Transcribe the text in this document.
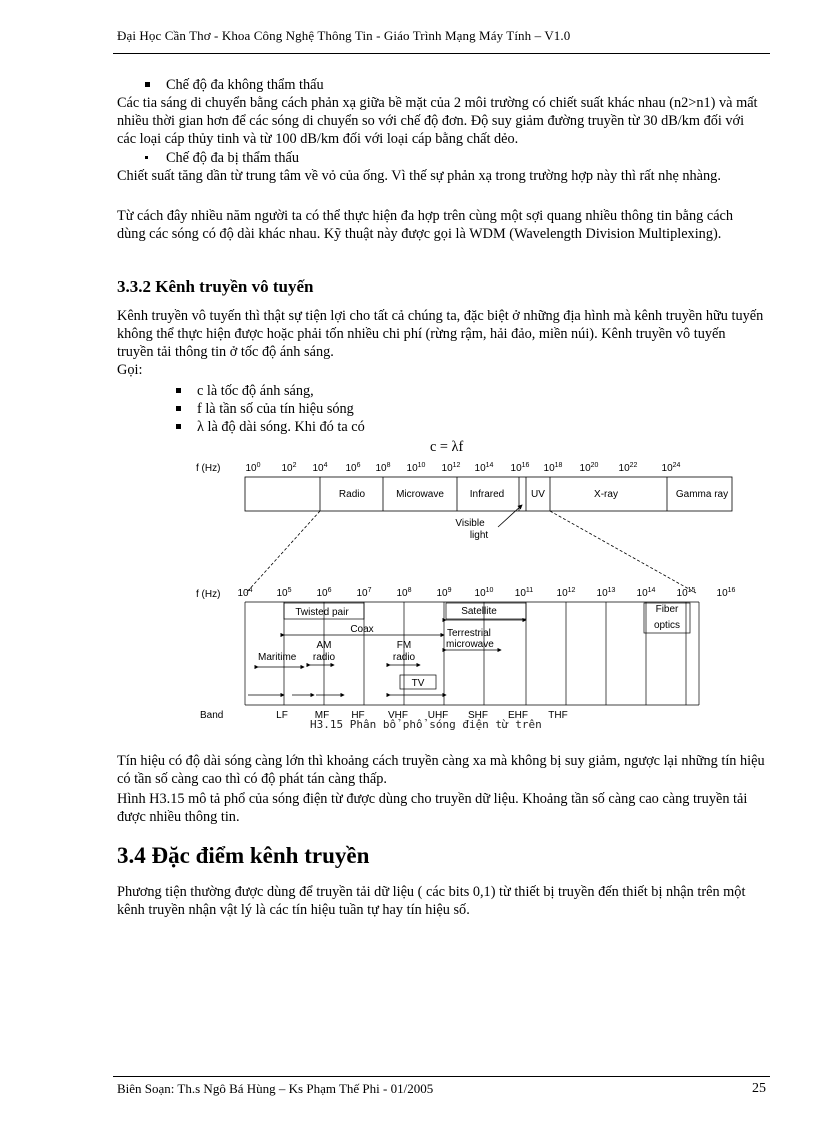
Đại Học Cần Thơ - Khoa Công Nghệ Thông Tin - Giáo Trình Mạng Máy Tính – V1.0
Chế độ đa không thẩm thấu
Các tia sáng di chuyển bằng cách phản xạ giữa bề mặt của 2 môi trường có chiết suất khác nhau (n2>n1) và mất nhiều thời gian hơn để các sóng di chuyển so với chế độ đơn. Độ suy giảm đường truyền từ 30 dB/km đối với các loại cáp thủy tinh và từ 100 dB/km đối với loại cáp bằng chất dẻo.
Chế độ đa bị thẩm thấu
Chiết suất tăng dần từ trung tâm về vỏ của ống. Vì thế sự phản xạ trong trường hợp này thì rất nhẹ nhàng.
Từ cách đây nhiều năm người ta có thể thực hiện đa hợp trên cùng một sợi quang nhiều thông tin bằng cách dùng các sóng có độ dài khác nhau. Kỹ thuật này được gọi là WDM (Wavelength Division Multiplexing).
3.3.2 Kênh truyền vô tuyến
Kênh truyền vô tuyến thì thật sự tiện lợi cho tất cả chúng ta, đặc biệt ở những địa hình mà kênh truyền hữu tuyến không thể thực hiện được hoặc phải tốn nhiều chi phí (rừng rậm, hải đảo, miền núi). Kênh truyền vô tuyến truyền tải thông tin ở tốc độ ánh sáng.
Gọi:
c là tốc độ ánh sáng,
f là tần số của tín hiệu sóng
λ là độ dài sóng. Khi đó ta có
c = λf
f (Hz)	$10^0$ $10^2$ $10^4$ $10^6$ $10^8$ $10^{10}$ $10^{12}$ $10^{14}$ $10^{16}$ $10^{18}$ $10^{20}$ $10^{22}$ $10^{24}$
Radio	Microwave	Infrared	UV	X-ray	Gamma ray
Visible
light
f (Hz) $10^4$ $10^5$ $10^6$ $10^7$ $10^8$ $10^9$ $10^{10}$ $10^{11}$ $10^{12}$ $10^{13}$ $10^{14}$ $10^{15}$ $10^{16}$
Twisted pair
Coax
Satellite
Terrestrial
microwave
Fiber
optics
AM
radio
FM
radio
Maritime
TV
Band	LF	MF HF VHF UHF SHF EHF THF
H3.15 Phân bổ phổ sóng điện từ trên
Tín hiệu có độ dài sóng càng lớn thì khoảng cách truyền càng xa mà không bị suy giảm, ngược lại những tín hiệu có tần số càng cao thì có độ phát tán càng thấp.
Hình H3.15 mô tả phổ của sóng điện từ được dùng cho truyền dữ liệu. Khoảng tần số càng cao càng truyền tải được nhiều thông tin.
3.4 Đặc điểm kênh truyền
Phương tiện thường được dùng để truyền tải dữ liệu ( các bits 0,1) từ thiết bị truyền đến thiết bị nhận trên một kênh truyền nhận vật lý là các tín hiệu tuần tự hay tín hiệu số.
Biên Soạn: Th.s Ngô Bá Hùng – Ks Phạm Thế Phi - 01/2005	25
